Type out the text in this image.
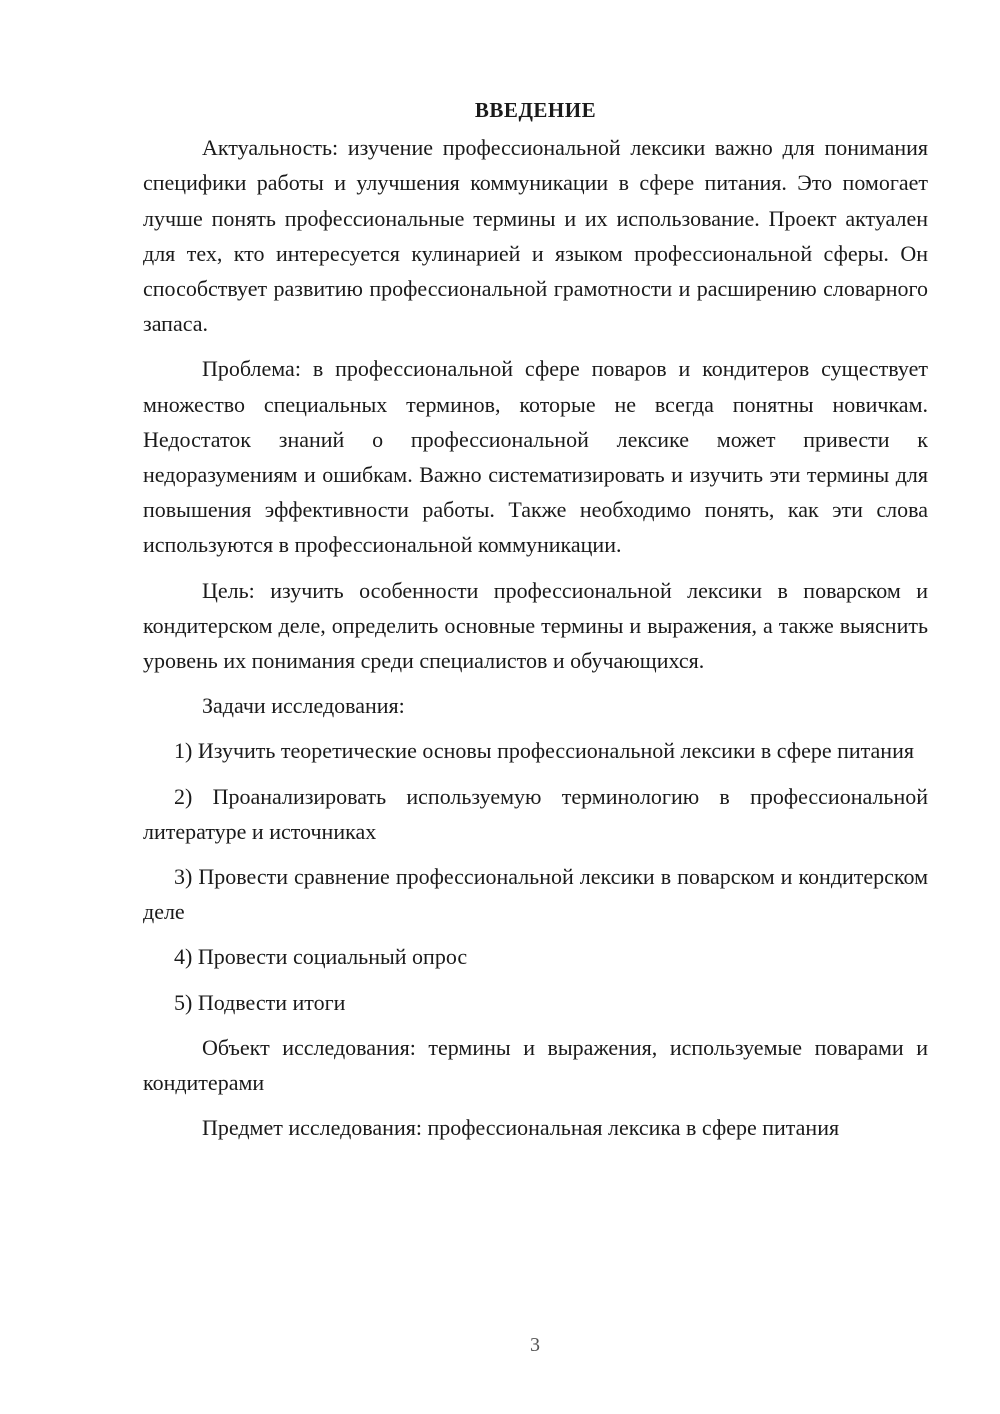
ВВЕДЕНИЕ

Актуальность: изучение профессиональной лексики важно для понимания специфики работы и улучшения коммуникации в сфере питания. Это помогает лучше понять профессиональные термины и их использование. Проект актуален для тех, кто интересуется кулинарией и языком профессиональной сферы. Он способствует развитию профессиональной грамотности и расширению словарного запаса.

Проблема: в профессиональной сфере поваров и кондитеров существует множество специальных терминов, которые не всегда понятны новичкам. Недостаток знаний о профессиональной лексике может привести к недоразумениям и ошибкам. Важно систематизировать и изучить эти термины для повышения эффективности работы. Также необходимо понять, как эти слова используются в профессиональной коммуникации.

Цель: изучить особенности профессиональной лексики в поварском и кондитерском деле, определить основные термины и выражения, а также выяснить уровень их понимания среди специалистов и обучающихся.

Задачи исследования:

1) Изучить теоретические основы профессиональной лексики в сфере питания

2) Проанализировать используемую терминологию в профессиональной литературе и источниках

3) Провести сравнение профессиональной лексики в поварском и кондитерском деле

4) Провести социальный опрос

5) Подвести итоги

Объект исследования: термины и выражения, используемые поварами и кондитерами

Предмет исследования: профессиональная лексика в сфере питания

3
